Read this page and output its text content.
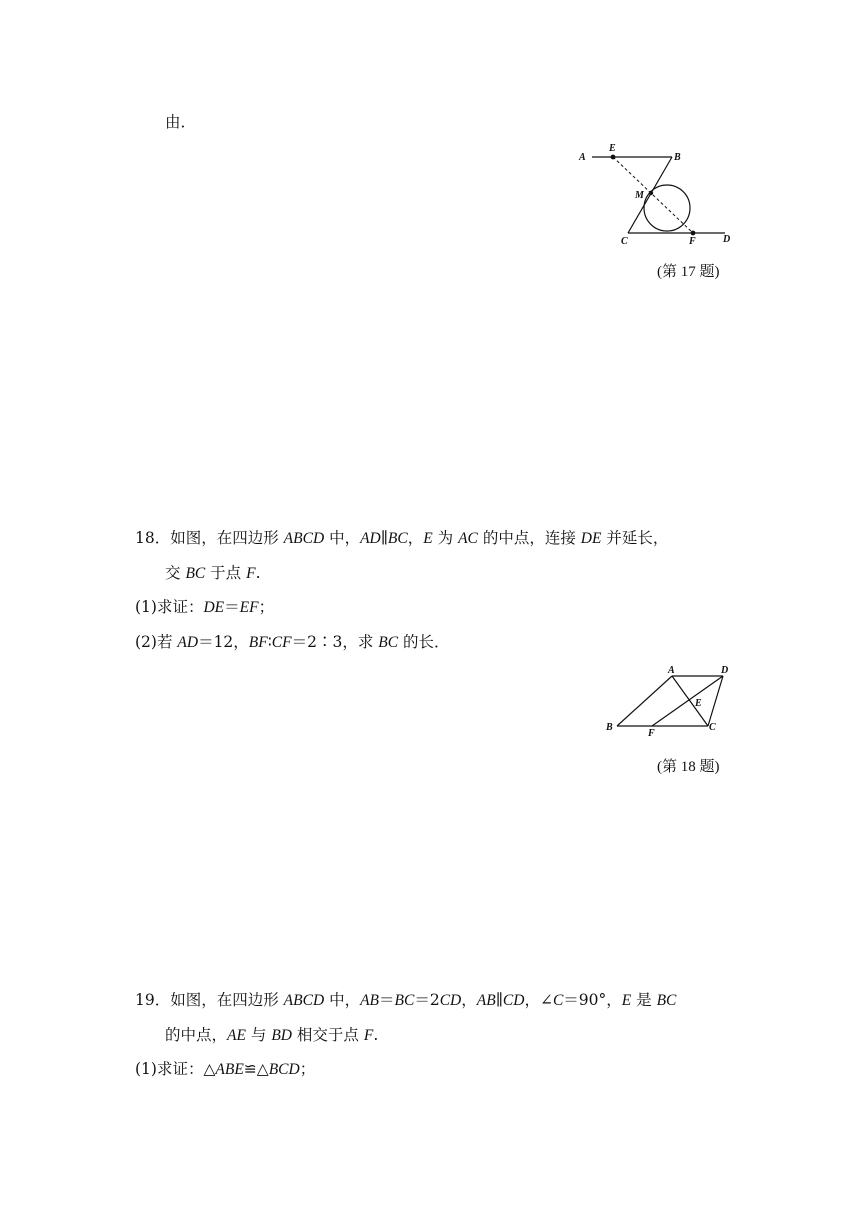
由．
A
E
B
M
C	F	D
(第 17 题)
18．如图，在四边形 ABCD 中，AD∥BC，E 为 AC 的中点，连接 DE 并延长，
交 BC 于点 F.
(1)求证：DE＝EF；
(2)若 AD＝12，BF∶CF＝2∶3，求 BC 的长．
A	D
E
B
F
C
(第 18 题)
19．如图，在四边形 ABCD 中，AB＝BC＝2CD，AB∥CD，∠C＝90°，E 是 BC
的中点，AE 与 BD 相交于点 F.
(1)求证：△ABE≌△BCD；
